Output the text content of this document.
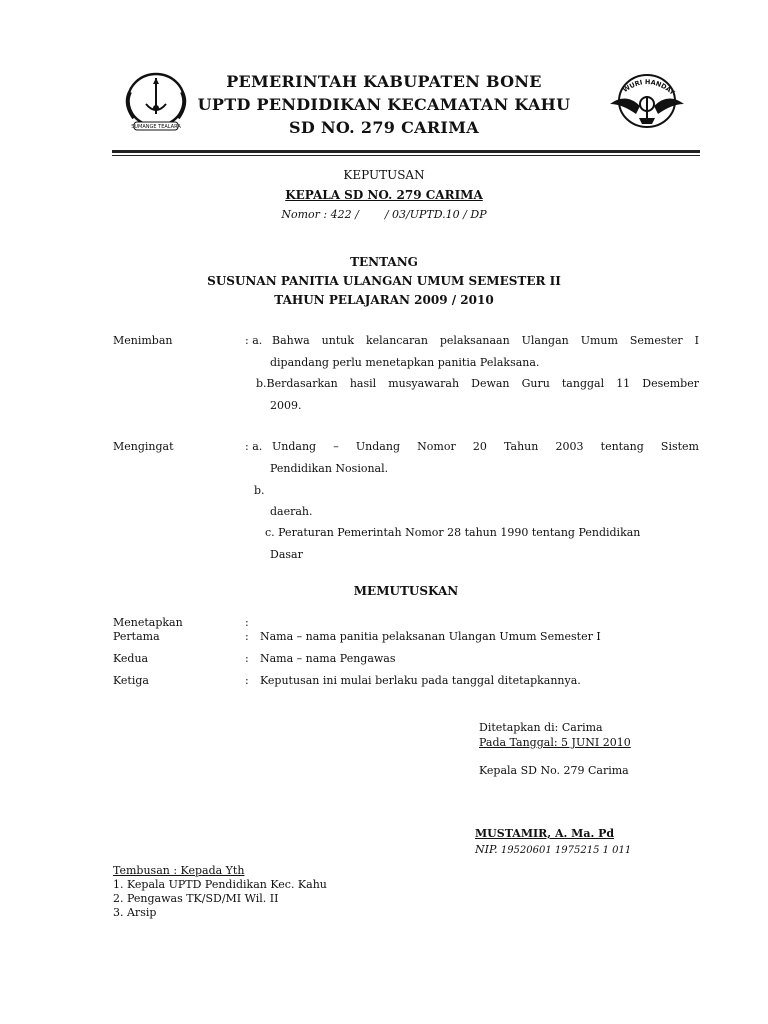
SUMANGE TEALARA
WURI HANDAY
PEMERINTAH KABUPATEN BONE
UPTD PENDIDIKAN KECAMATAN KAHU
SD NO. 279 CARIMA
KEPUTUSAN
KEPALA SD NO. 279 CARIMA
Nomor : 422 / / 03/UPTD.10 / DP
TENTANG
SUSUNAN PANITIA ULANGAN UMUM SEMESTER II
TAHUN PELAJARAN 2009 / 2010
Menimban	: a. Bahwa untuk kelancaran pelaksanaan Ulangan Umum Semester I
dipandang perlu menetapkan panitia Pelaksana.
b.Berdasarkan hasil musyawarah Dewan Guru tanggal 11 Desember
2009.
Mengingat	: a. Undang – Undang Nomor 20 Tahun 2003 tentang Sistem
Pendidikan Nosional.
b.
daerah.
c. Peraturan Pemerintah Nomor 28 tahun 1990 tentang Pendidikan
Dasar
MEMUTUSKAN
Menetapkan	:
Pertama	: Nama – nama panitia pelaksanan Ulangan Umum Semester I
Kedua	: Nama – nama Pengawas
Ketiga	: Keputusan ini mulai berlaku pada tanggal ditetapkannya.
Ditetapkan di: Carima
Pada Tanggal: 5 JUNI 2010
Kepala SD No. 279 Carima
MUSTAMIR, A. Ma. Pd
NIP. 19520601 1975215 1 011
Tembusan : Kepada Yth
1. Kepala UPTD Pendidikan Kec. Kahu
2. Pengawas TK/SD/MI Wil. II
3. Arsip
